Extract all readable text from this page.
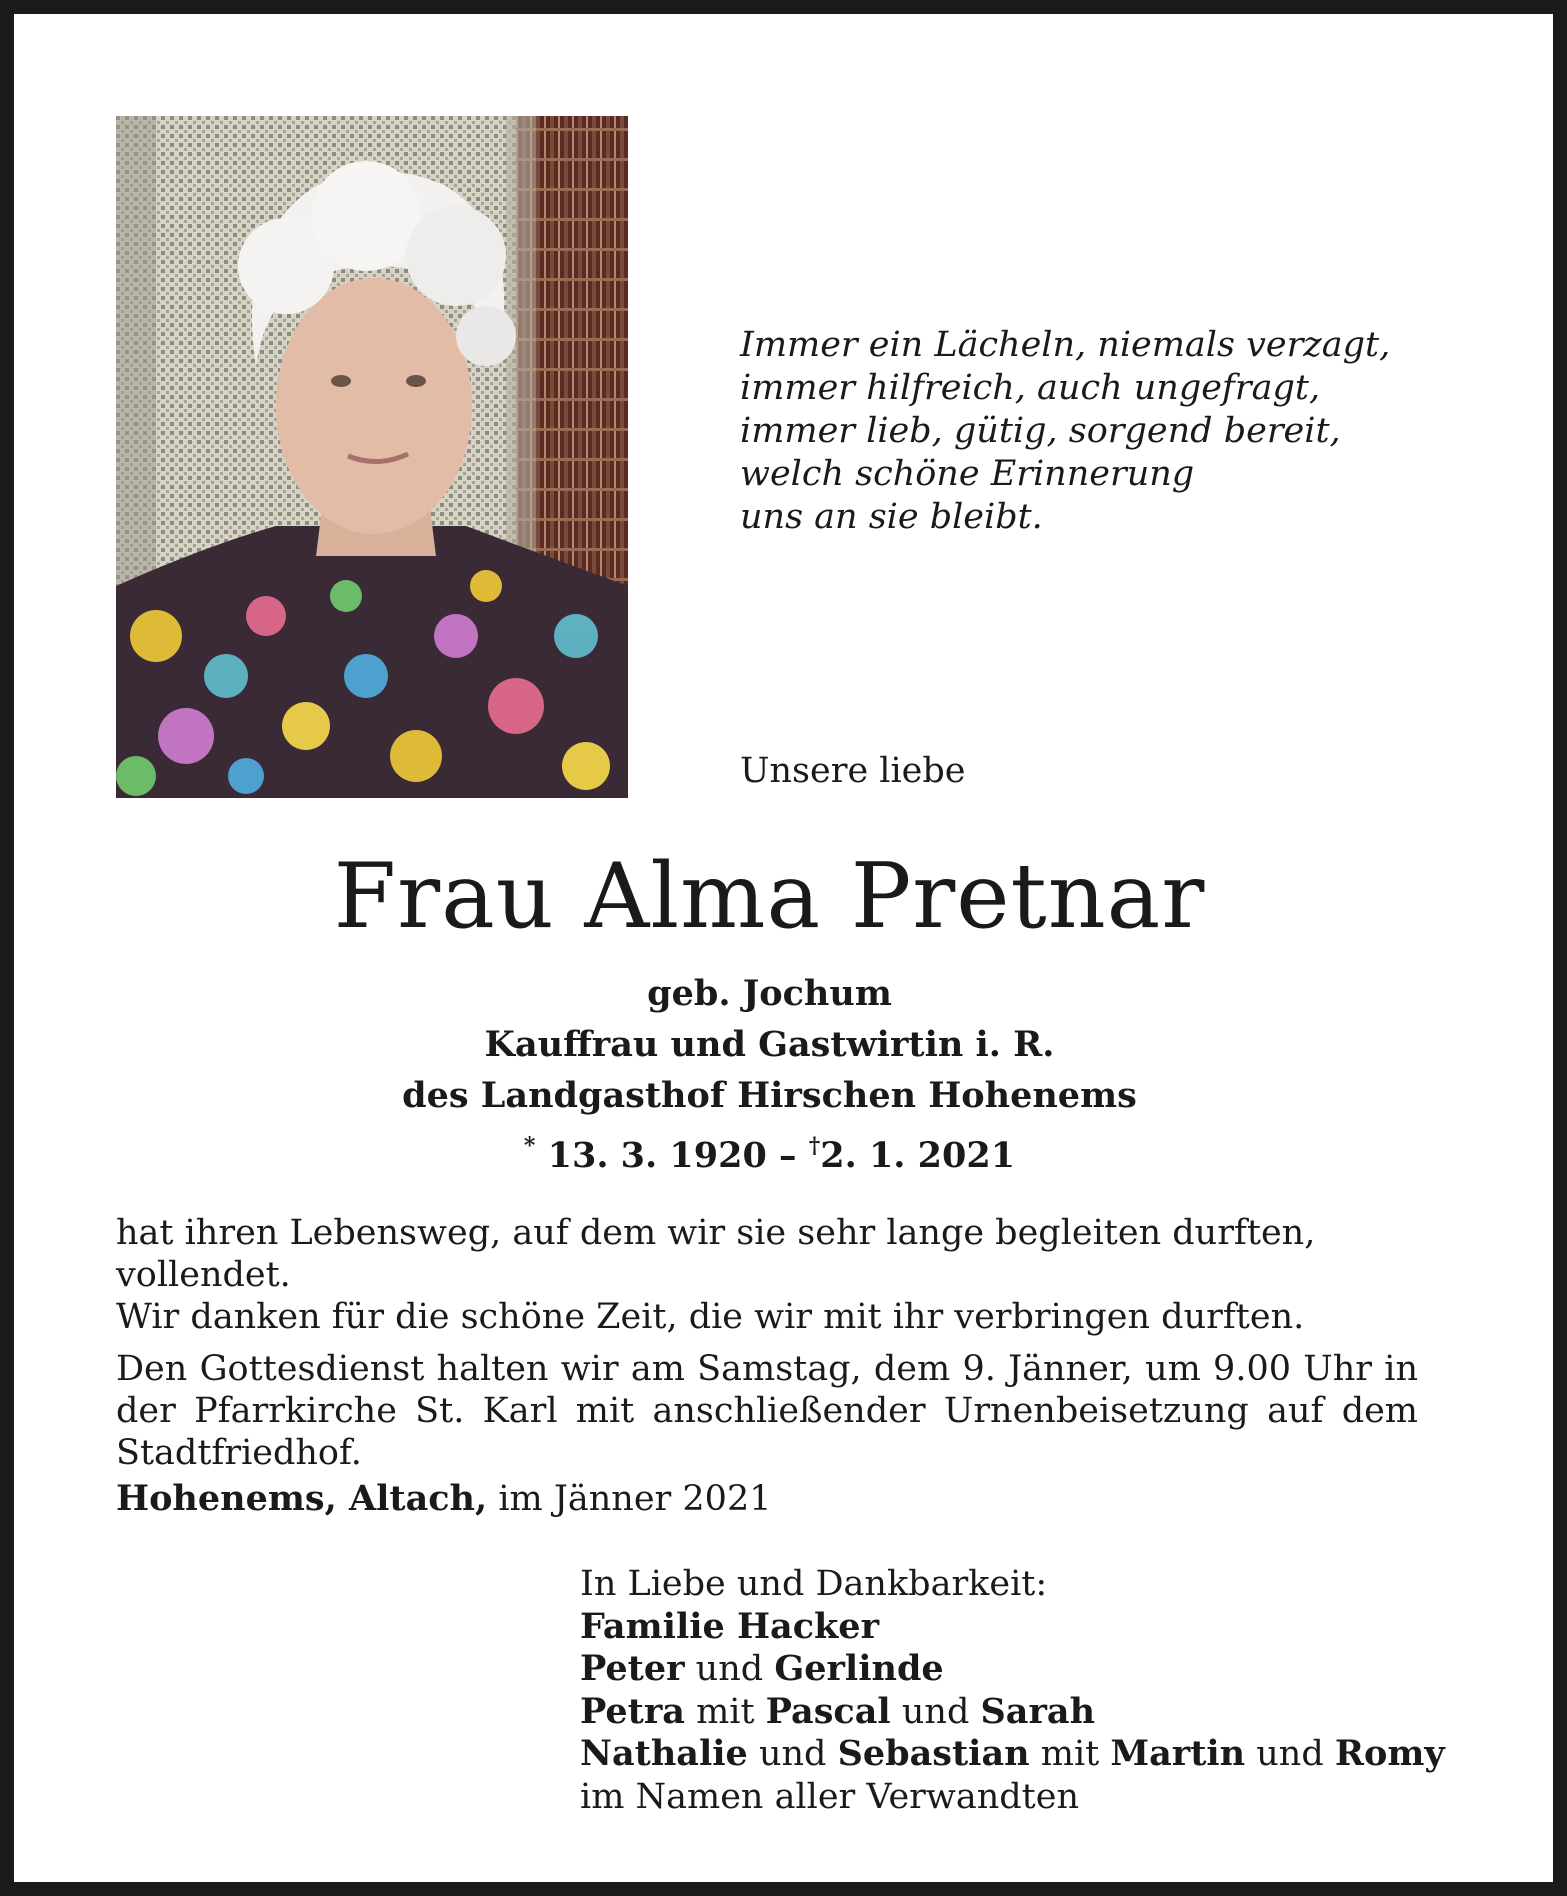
Immer ein Lächeln, niemals verzagt,
immer hilfreich, auch ungefragt,
immer lieb, gütig, sorgend bereit,
welch schöne Erinnerung
uns an sie bleibt.
Unsere liebe
Frau Alma Pretnar
geb. Jochum
Kauffrau und Gastwirtin i. R.
des Landgasthof Hirschen Hohenems
* 13. 3. 1920 – †2. 1. 2021

hat ihren Lebensweg, auf dem wir sie sehr lange begleiten durften, vollendet.
Wir danken für die schöne Zeit, die wir mit ihr verbringen durften.

Den Gottesdienst halten wir am Samstag, dem 9. Jänner, um 9.00 Uhr in der Pfarrkirche St. Karl mit anschließender Urnenbeisetzung auf dem Stadtfriedhof.

Hohenems, Altach, im Jänner 2021
In Liebe und Dankbarkeit:
Familie Hacker
Peter und Gerlinde
Petra mit Pascal und Sarah
Nathalie und Sebastian mit Martin und Romy
im Namen aller Verwandten
